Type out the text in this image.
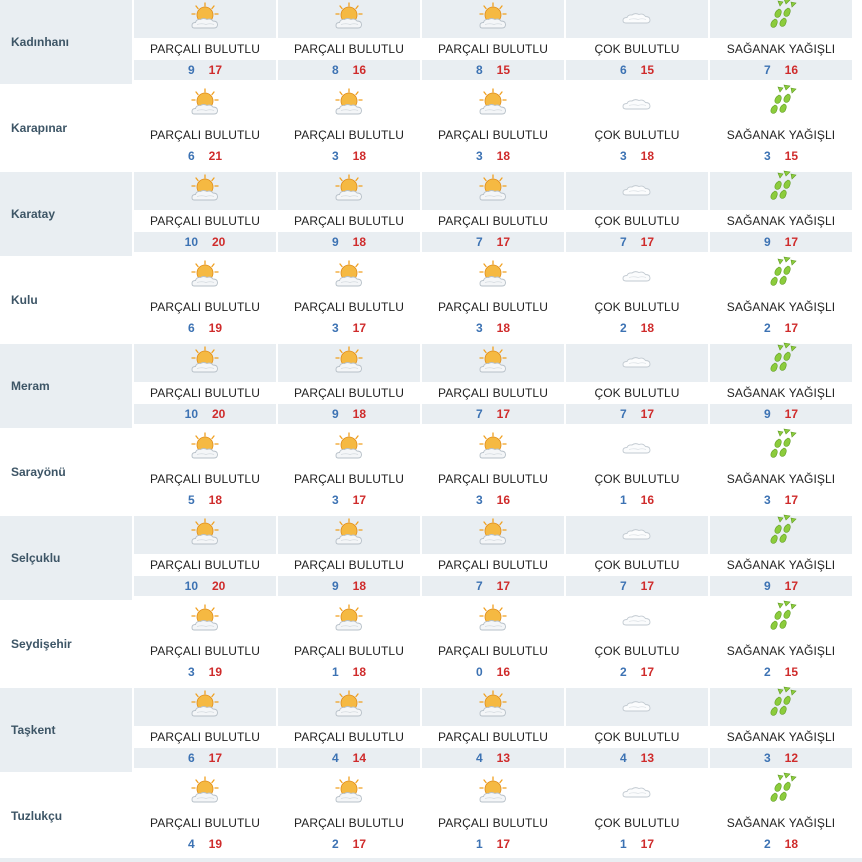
Kadınhanı	PARÇALI BULUTLU
9 17
PARÇALI BULUTLU
8 16
PARÇALI BULUTLU
8 15
ÇOK BULUTLU
6 15
SAĞANAK YAĞIŞLI
7 16
Karapınar	PARÇALI BULUTLU
6 21
PARÇALI BULUTLU
3 18
PARÇALI BULUTLU
3 18
ÇOK BULUTLU
3 18
SAĞANAK YAĞIŞLI
3 15
Karatay	PARÇALI BULUTLU
10 20
PARÇALI BULUTLU
9 18
PARÇALI BULUTLU
7 17
ÇOK BULUTLU
7 17
SAĞANAK YAĞIŞLI
9 17
Kulu	PARÇALI BULUTLU
6 19
PARÇALI BULUTLU
3 17
PARÇALI BULUTLU
3 18
ÇOK BULUTLU
2 18
SAĞANAK YAĞIŞLI
2 17
Meram	PARÇALI BULUTLU
10 20
PARÇALI BULUTLU
9 18
PARÇALI BULUTLU
7 17
ÇOK BULUTLU
7 17
SAĞANAK YAĞIŞLI
9 17
Sarayönü	PARÇALI BULUTLU
5 18
PARÇALI BULUTLU
3 17
PARÇALI BULUTLU
3 16
ÇOK BULUTLU
1 16
SAĞANAK YAĞIŞLI
3 17
Selçuklu	PARÇALI BULUTLU
10 20
PARÇALI BULUTLU
9 18
PARÇALI BULUTLU
7 17
ÇOK BULUTLU
7 17
SAĞANAK YAĞIŞLI
9 17
Seydişehir	PARÇALI BULUTLU
3 19
PARÇALI BULUTLU
1 18
PARÇALI BULUTLU
0 16
ÇOK BULUTLU
2 17
SAĞANAK YAĞIŞLI
2 15
Taşkent	PARÇALI BULUTLU
6 17
PARÇALI BULUTLU
4 14
PARÇALI BULUTLU
4 13
ÇOK BULUTLU
4 13
SAĞANAK YAĞIŞLI
3 12
Tuzlukçu	PARÇALI BULUTLU
4 19
PARÇALI BULUTLU
2 17
PARÇALI BULUTLU
1 17
ÇOK BULUTLU
1 17
SAĞANAK YAĞIŞLI
2 18
